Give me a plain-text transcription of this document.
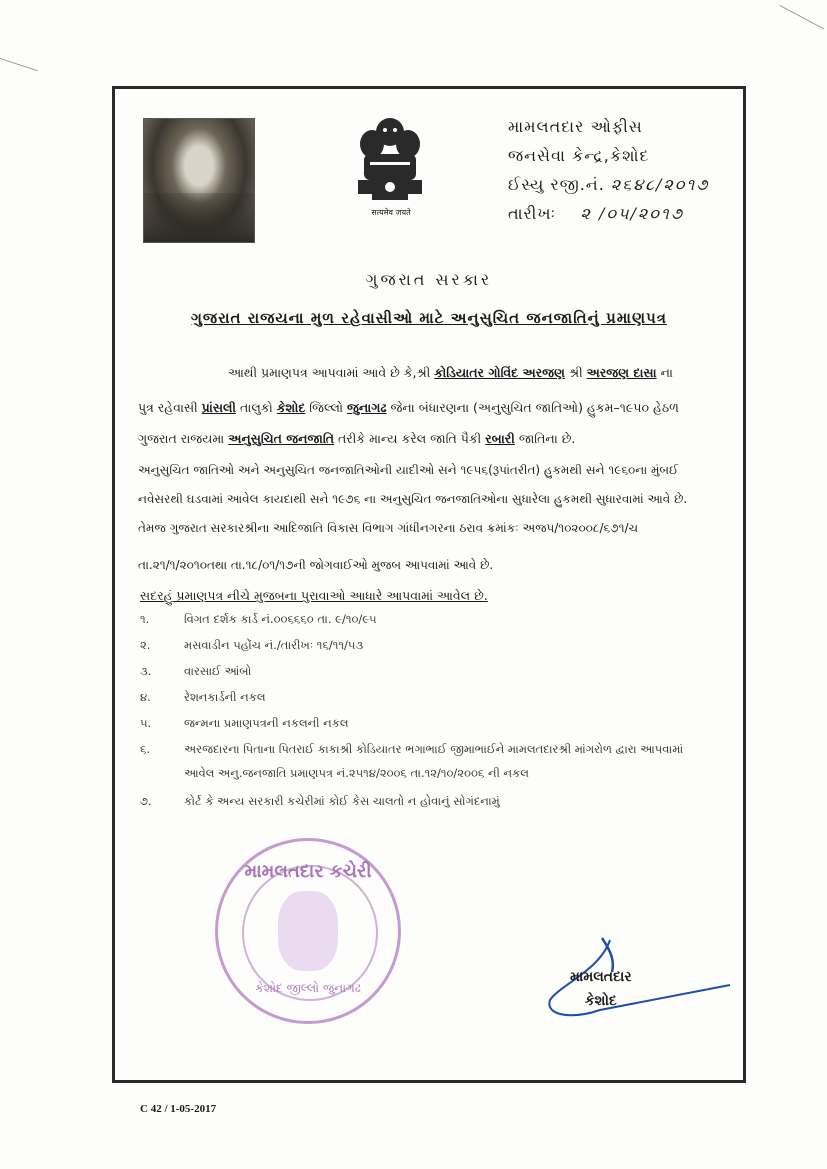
सत्यमेव जयते
મામલતદાર ઓફીસ
જનસેવા કેન્દ્ર,કેશોદ
ઈસ્યુ રજી.નં. ૨૬૪૮/૨૦૧૭
તારીખઃ ૨ /૦૫/૨૦૧૭
ગુજરાત સરકાર
ગુજરાત રાજયના મુળ રહેવાસીઓ માટે અનુસુચિત જનજાતિનું પ્રમાણપત્ર
આથી પ્રમાણપત્ર આપવામાં આવે છે કે,શ્રી કોડિયાતર ગોવિંદ અરજણ શ્રી અરજણ દાસા ના
પુત્ર રહેવાસી પ્રાંસલી તાલુકો કેશોદ જિલ્લો જુનાગઢ જેના બંધારણના (અનુસુચિત જાતિઓ) હુકમ–૧૯૫૦ હેઠળ
ગુજરાત રાજયમા અનુસુચિત જનજાતિ તરીકે માન્ય કરેલ જાતિ પૈકી રબારી જાતિના છે.
અનુસુચિત જાતિઓ અને અનુસુચિત જનજાતિઓની યાદીઓ સને ૧૯૫૬(રૂપાંતરીત) હુકમથી સને ૧૯૬૦ના મુંબઈ
નવેસરથી ઘડવામાં આવેલ કાયદાથી સને ૧૯૭૬ ના અનુસુચિત જનજાતિઓના સુધારેલા હુકમથી સુધારવામાં આવે છે.
તેમજ ગુજરાત સરકારશ્રીના આદિજાતિ વિકાસ વિભાગ ગાંધીનગરના ઠરાવ ક્રમાંકઃ અજપ/૧૦૨૦૦૮/૬૭૧/ચ
તા.૨૧/૧/૨૦૧૦તથા તા.૧૮/૦૧/૧૭ની જોગવાઈઓ મુજબ આપવામાં આવે છે.
સદરહું પ્રમાણપત્ર નીચે મુજબના પુરાવાઓ આધારે આપવામાં આવેલ છે.
૧.	વિગત દર્શક કાર્ડ નં.૦૦૬૬૬૦ તા. ૯/૧૦/૯૫
૨.	મસવાડીન પહોંચ નં./તારીખઃ ૧૬/૧૧/૫૩
૩.	વારસાઈ આંબો
૪.	રેશનકાર્ડની નકલ
૫.	જન્મના પ્રમાણપત્રની નકલની નકલ
૬.	અરજદારના પિતાના પિતરાઈ કાકાશ્રી કોડિયાતર ભગાભાઈ જીમાભાઈને મામલતદારશ્રી માંગરોળ દ્વારા આપવામાં
આવેલ અનુ.જનજાતિ પ્રમાણપત્ર નં.૨૫૧૪/૨૦૦૬ તા.૧૨/૧૦/૨૦૦૬ ની નકલ
૭.	કોર્ટ કે અન્ય સરકારી કચેરીમાં કોઈ કેસ ચાલતો ન હોવાનું સોગંદનામું
મામલતદાર કચેરી
કેશોદ જીલ્લો જુનાગઢ
મામલતદાર
કેશોદ
C 42 / 1-05-2017
